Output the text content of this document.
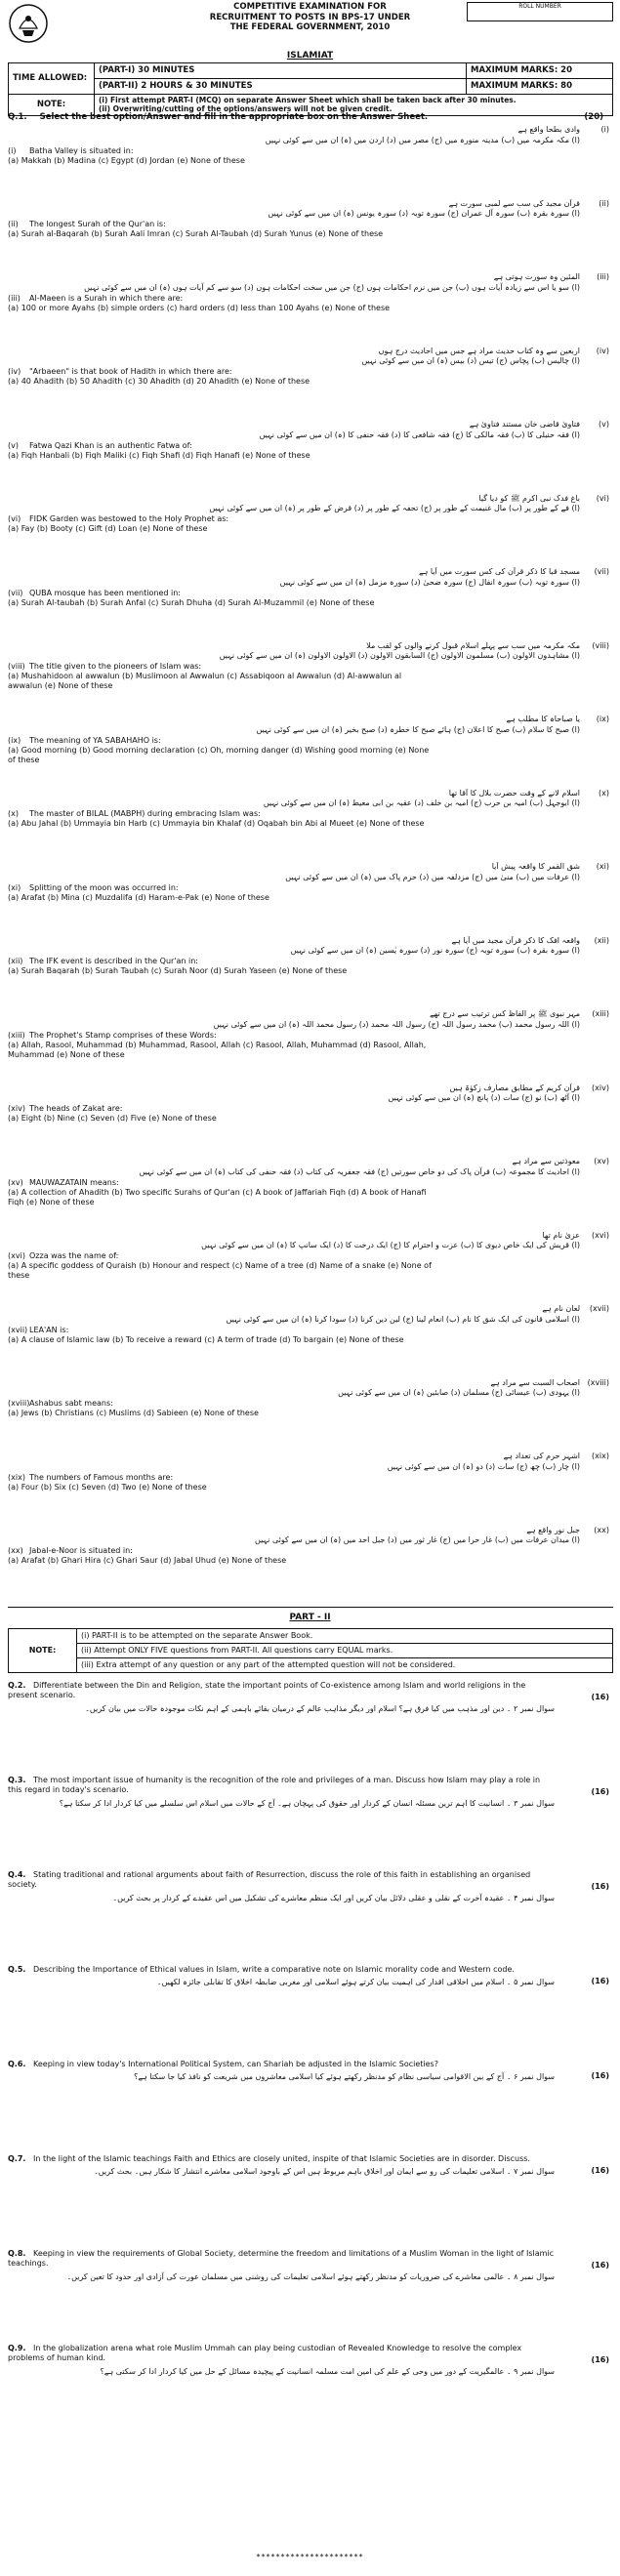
COMPETITIVE EXAMINATION FOR
RECRUITMENT TO POSTS IN BPS-17 UNDER
THE FEDERAL GOVERNMENT, 2010
ROLL NUMBER
ISLAMIAT
TIME ALLOWED:	(PART-I) 30 MINUTES	MAXIMUM MARKS: 20
	(PART-II) 2 HOURS & 30 MINUTES	MAXIMUM MARKS: 80
NOTE:	(i) First attempt PART-I (MCQ) on separate Answer Sheet which shall be taken back after 30 minutes.
(ii) Overwriting/cutting of the options/answers will not be given credit.	
Q.1. Select the best option/Answer and fill in the appropriate box on the Answer Sheet.	(20)
وادی بطحا واقع ہے	(i)
(ا) مکہ مکرمہ میں (ب) مدینہ منورہ میں (ج) مصر میں (د) اردن میں (ہ) ان میں سے کوئی نہیں
(i) Batha Valley is situated in:
(a) Makkah (b) Madina (c) Egypt (d) Jordan (e) None of these
قرآن مجید کی سب سے لمبی سورت ہے (ii)
(ا) سورہ بقرہ (ب) سورہ آل عمران (ج) سورہ توبہ (د) سورہ یونس (ہ) ان میں سے کوئی نہیں
(ii) The longest Surah of the Qur'an is:
(a) Surah al-Baqarah (b) Surah Aali Imran (c) Surah Al-Taubah (d) Surah Yunus (e) None of these
المئین وہ سورت ہوتی ہے (iii)
(ا) سو یا اس سے زیادہ آیات ہوں (ب) جن میں نرم احکامات ہوں (ج) جن میں سخت احکامات ہوں (د) سو سے کم آیات ہوں (ہ) ان میں سے کوئی نہیں
(iii) Al-Maeen is a Surah in which there are:
(a) 100 or more Ayahs (b) simple orders (c) hard orders (d) less than 100 Ayahs (e) None of these
اربعین سے وہ کتاب حدیث مراد ہے جس میں احادیث درج ہوں (iv)
(ا) چالیس (ب) پچاس (ج) تیس (د) بیس (ہ) ان میں سے کوئی نہیں
(iv) "Arbaeen" is that book of Hadith in which there are:
(a) 40 Ahadith (b) 50 Ahadith (c) 30 Ahadith (d) 20 Ahadith (e) None of these
فتاویٰ قاضی خان مستند فتاویٰ ہے (v)
(ا) فقہ حنبلی کا (ب) فقہ مالکی کا (ج) فقہ شافعی کا (د) فقہ حنفی کا (ہ) ان میں سے کوئی نہیں
(v) Fatwa Qazi Khan is an authentic Fatwa of:
(a) Fiqh Hanbali (b) Fiqh Maliki (c) Fiqh Shafi (d) Fiqh Hanafi (e) None of these
باغ فدک نبی اکرم ﷺ کو دیا گیا (vi)
(ا) فے کے طور پر (ب) مال غنیمت کے طور پر (ج) تحفہ کے طور پر (د) قرض کے طور پر (ہ) ان میں سے کوئی نہیں
(vi) FIDK Garden was bestowed to the Holy Prophet as:
(a) Fay (b) Booty (c) Gift (d) Loan (e) None of these
مسجد قبا کا ذکر قرآن کی کس سورت میں آیا ہے (vii)
(ا) سورہ توبہ (ب) سورہ انفال (ج) سورہ ضحیٰ (د) سورہ مزمل (ہ) ان میں سے کوئی نہیں
(vii) QUBA mosque has been mentioned in:
(a) Surah Al-taubah (b) Surah Anfal (c) Surah Dhuha (d) Surah Al-Muzammil (e) None of these
مکہ مکرمہ میں سب سے پہلے اسلام قبول کرنے والوں کو لقب ملا (viii)
(ا) مشاہدون الاولون (ب) مسلمون الاولون (ج) السابقون الاولون (د) الاولون الاولون (ہ) ان میں سے کوئی نہیں
(viii) The title given to the pioneers of Islam was:
(a) Mushahidoon al awwalun (b) Muslimoon al Awwalun (c) Assabiqoon al Awwalun (d) Al-awwalun al awwalun (e) None of these
یا صباحاہ کا مطلب ہے (ix)
(ا) صبح کا سلام (ب) صبح کا اعلان (ج) ہائے صبح کا خطرہ (د) صبح بخیر (ہ) ان میں سے کوئی نہیں
(ix) The meaning of YA SABAHAHO is:
(a) Good morning (b) Good morning declaration (c) Oh, morning danger (d) Wishing good morning (e) None of these
اسلام لانے کے وقت حضرت بلال کا آقا تھا (x)
(ا) ابوجہل (ب) امیہ بن حرب (ج) امیہ بن خلف (د) عقبہ بن ابی معیط (ہ) ان میں سے کوئی نہیں
(x) The master of BILAL (MABPH) during embracing Islam was:
(a) Abu Jahal (b) Ummayia bin Harb (c) Ummayia bin Khalaf (d) Oqabah bin Abi al Mueet (e) None of these
شق القمر کا واقعہ پیش آیا (xi)
(ا) عرفات میں (ب) منیٰ میں (ج) مزدلفہ میں (د) حرم پاک میں (ہ) ان میں سے کوئی نہیں
(xi) Splitting of the moon was occurred in:
(a) Arafat (b) Mina (c) Muzdalifa (d) Haram-e-Pak (e) None of these
واقعہ افک کا ذکر قرآن مجید میں آیا ہے (xii)
(ا) سورہ بقرہ (ب) سورہ توبہ (ج) سورہ نور (د) سورہ یٰسین (ہ) ان میں سے کوئی نہیں
(xii) The IFK event is described in the Qur'an in:
(a) Surah Baqarah (b) Surah Taubah (c) Surah Noor (d) Surah Yaseen (e) None of these
مہر نبوی ﷺ پر الفاظ کس ترتیب سے درج تھے (xiii)
(ا) اللہ رسول محمد (ب) محمد رسول اللہ (ج) رسول اللہ محمد (د) رسول محمد اللہ (ہ) ان میں سے کوئی نہیں
(xiii) The Prophet's Stamp comprises of these Words:
(a) Allah, Rasool, Muhammad (b) Muhammad, Rasool, Allah (c) Rasool, Allah, Muhammad (d) Rasool, Allah, Muhammad (e) None of these
قرآن کریم کے مطابق مصارف زکوٰۃ ہیں (xiv)
(ا) آٹھ (ب) نو (ج) سات (د) پانچ (ہ) ان میں سے کوئی نہیں
(xiv) The heads of Zakat are:
(a) Eight (b) Nine (c) Seven (d) Five (e) None of these
معوذتین سے مراد ہے (xv)
(ا) احادیث کا مجموعہ (ب) قرآن پاک کی دو خاص سورتیں (ج) فقہ جعفریہ کی کتاب (د) فقہ حنفی کی کتاب (ہ) ان میں سے کوئی نہیں
(xv) MAUWAZATAIN means:
(a) A collection of Ahadith (b) Two specific Surahs of Qur'an (c) A book of Jaffariah Fiqh (d) A book of Hanafi Fiqh (e) None of these
عزیٰ نام تھا (xvi)
(ا) قریش کی ایک خاص دیوی کا (ب) عزت و احترام کا (ج) ایک درخت کا (د) ایک سانپ کا (ہ) ان میں سے کوئی نہیں
(xvi) Ozza was the name of:
(a) A specific goddess of Quraish (b) Honour and respect (c) Name of a tree (d) Name of a snake (e) None of these
لعان نام ہے (xvii)
(ا) اسلامی قانون کی ایک شق کا نام (ب) انعام لینا (ج) لین دین کرنا (د) سودا کرنا (ہ) ان میں سے کوئی نہیں
(xvii) LEA'AN is:
(a) A clause of Islamic law (b) To receive a reward (c) A term of trade (d) To bargain (e) None of these
اصحاب السبت سے مراد ہے (xviii)
(ا) یہودی (ب) عیسائی (ج) مسلمان (د) صابئین (ہ) ان میں سے کوئی نہیں
(xviii)Ashabus sabt means:
(a) Jews (b) Christians (c) Muslims (d) Sabieen (e) None of these
اشہر حرم کی تعداد ہے (xix)
(ا) چار (ب) چھ (ج) سات (د) دو (ہ) ان میں سے کوئی نہیں
(xix) The numbers of Famous months are:
(a) Four (b) Six (c) Seven (d) Two (e) None of these
جبل نور واقع ہے (xx)
(ا) میدان عرفات میں (ب) غار حرا میں (ج) غار ثور میں (د) جبل احد میں (ہ) ان میں سے کوئی نہیں
(xx) Jabal-e-Noor is situated in:
(a) Arafat (b) Ghari Hira (c) Ghari Saur (d) Jabal Uhud (e) None of these
PART - II
NOTE:	(i) PART-II is to be attempted on the separate Answer Book.
(ii) Attempt ONLY FIVE questions from PART-II. All questions carry EQUAL marks.
(iii) Extra attempt of any question or any part of the attempted question will not be considered.
Q.2. Differentiate between the Din and Religion, state the important points of Co-existence among Islam and world religions in the present scenario.
سوال نمبر ۲ ۔ دین اور مذہب میں کیا فرق ہے؟ اسلام اور دیگر مذاہب عالم کے درمیان بقائے باہمی کے اہم نکات موجودہ حالات میں بیان کریں۔
(16)
Q.3. The most important issue of humanity is the recognition of the role and privileges of a man. Discuss how Islam may play a role in this regard in today's scenario.
سوال نمبر ۳ ۔ انسانیت کا اہم ترین مسئلہ انسان کے کردار اور حقوق کی پہچان ہے۔ آج کے حالات میں اسلام اس سلسلے میں کیا کردار ادا کر سکتا ہے؟
(16)
Q.4. Stating traditional and rational arguments about faith of Resurrection, discuss the role of this faith in establishing an organised society.
سوال نمبر ۴ ۔ عقیدہ آخرت کے نقلی و عقلی دلائل بیان کریں اور ایک منظم معاشرے کی تشکیل میں اس عقیدے کے کردار پر بحث کریں۔
(16)
Q.5. Describing the Importance of Ethical values in Islam, write a comparative note on Islamic morality code and Western code.
سوال نمبر ۵ ۔ اسلام میں اخلاقی اقدار کی اہمیت بیان کرتے ہوئے اسلامی اور مغربی ضابطہ اخلاق کا تقابلی جائزہ لکھیں۔	(16)
Q.6. Keeping in view today's International Political System, can Shariah be adjusted in the Islamic Societies?
سوال نمبر ۶ ۔ آج کے بین الاقوامی سیاسی نظام کو مدنظر رکھتے ہوئے کیا اسلامی معاشروں میں شریعت کو نافذ کیا جا سکتا ہے؟	(16)
Q.7. In the light of the Islamic teachings Faith and Ethics are closely united, inspite of that Islamic Societies are in disorder. Discuss.
سوال نمبر ۷ ۔ اسلامی تعلیمات کی رو سے ایمان اور اخلاق باہم مربوط ہیں اس کے باوجود اسلامی معاشرے انتشار کا شکار ہیں۔ بحث کریں۔	(16)
Q.8. Keeping in view the requirements of Global Society, determine the freedom and limitations of a Muslim Woman in the light of Islamic teachings.
سوال نمبر ۸ ۔ عالمی معاشرے کی ضروریات کو مدنظر رکھتے ہوئے اسلامی تعلیمات کی روشنی میں مسلمان عورت کی آزادی اور حدود کا تعین کریں۔
(16)
Q.9. In the globalization arena what role Muslim Ummah can play being custodian of Revealed Knowledge to resolve the complex problems of human kind.
سوال نمبر ۹ ۔ عالمگیریت کے دور میں وحی کے علم کی امین امت مسلمہ انسانیت کے پیچیدہ مسائل کے حل میں کیا کردار ادا کر سکتی ہے؟
(16)
**********************
